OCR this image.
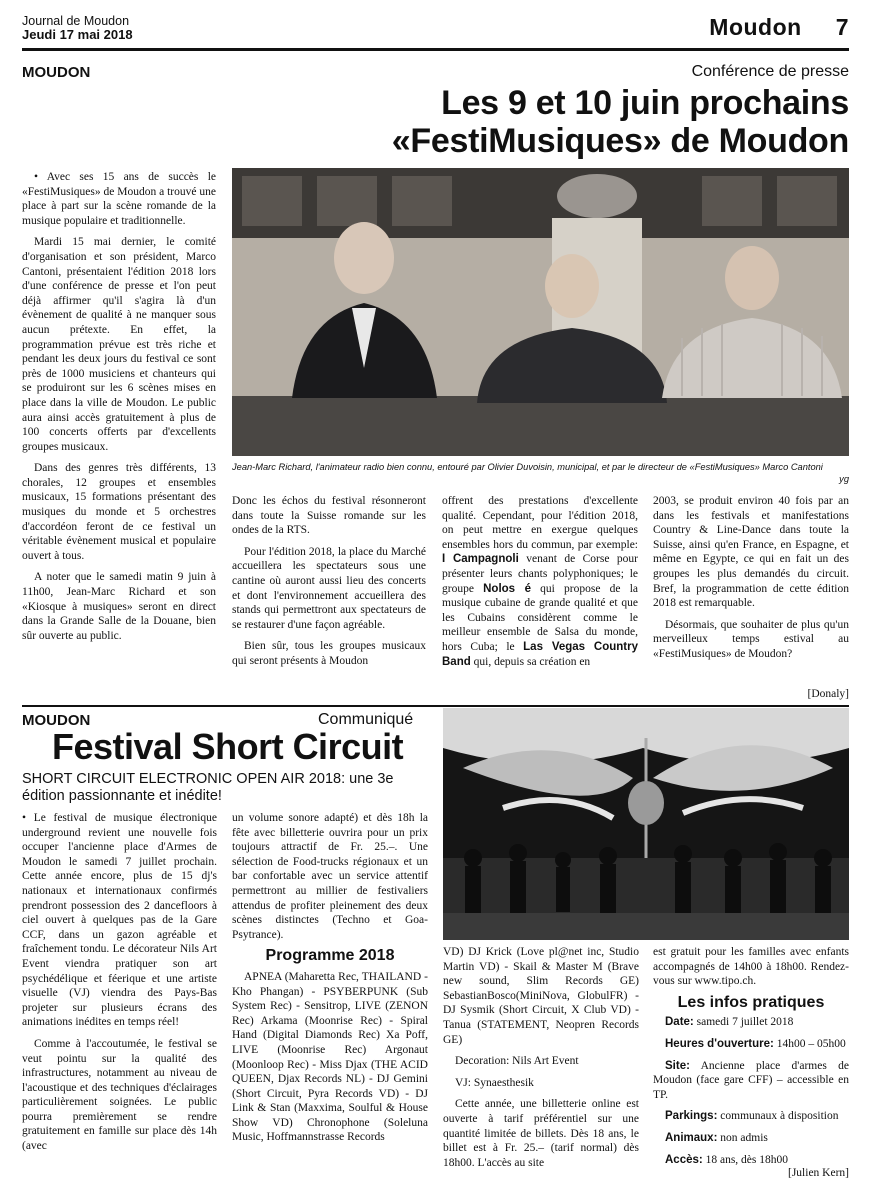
Journal de Moudon
Jeudi 17 mai 2018	Moudon 7
MOUDON	Conférence de presse
Les 9 et 10 juin prochains
«FestiMusiques» de Moudon

• Avec ses 15 ans de succès le «FestiMusiques» de Moudon a trouvé une place à part sur la scène romande de la musique populaire et traditionnelle.

Mardi 15 mai dernier, le comité d'organisation et son président, Marco Cantoni, présentaient l'édition 2018 lors d'une conférence de presse et l'on peut déjà affirmer qu'il s'agira là d'un évènement de qualité à ne manquer sous aucun prétexte. En effet, la programmation prévue est très riche et pendant les deux jours du festival ce sont près de 1000 musiciens et chanteurs qui se produiront sur les 6 scènes mises en place dans la ville de Moudon. Le public aura ainsi accès gratuitement à plus de 100 concerts offerts par d'excellents groupes musicaux.

Dans des genres très différents, 13 chorales, 12 groupes et ensembles musicaux, 15 formations présentant des musiques du monde et 5 orchestres d'accordéon feront de ce festival un véritable évènement musical et populaire ouvert à tous.

A noter que le samedi matin 9 juin à 11h00, Jean-Marc Richard et son «Kiosque à musiques» seront en direct dans la Grande Salle de la Douane, bien sûr ouverte au public.

Jean-Marc Richard, l'animateur radio bien connu, entouré par Olivier Duvoisin, municipal, et par le directeur de «FestiMusiques» Marco Cantoni
yg

Donc les échos du festival résonneront dans toute la Suisse romande sur les ondes de la RTS.

Pour l'édition 2018, la place du Marché accueillera les spectateurs sous une cantine où auront aussi lieu des concerts et dont l'environnement accueillera des stands qui permettront aux spectateurs de se restaurer d'une façon agréable.

Bien sûr, tous les groupes musicaux qui seront présents à Moudon

offrent des prestations d'excellente qualité. Cependant, pour l'édition 2018, on peut mettre en exergue quelques ensembles hors du commun, par exemple: I Campagnoli venant de Corse pour présenter leurs chants polyphoniques; le groupe Nolos é qui propose de la musique cubaine de grande qualité et que les Cubains considèrent comme le meilleur ensemble de Salsa du monde, hors Cuba; le Las Vegas Country Band qui, depuis sa création en

2003, se produit environ 40 fois par an dans les festivals et manifestations Country & Line-Dance dans toute la Suisse, ainsi qu'en France, en Espagne, et même en Egypte, ce qui en fait un des groupes les plus demandés du circuit. Bref, la programmation de cette édition 2018 est remarquable.

Désormais, que souhaiter de plus qu'un merveilleux temps estival au «FestiMusiques» de Moudon?

[Donaly]
MOUDON	Communiqué
Festival Short Circuit
SHORT CIRCUIT ELECTRONIC OPEN AIR 2018: une 3e édition passionnante et inédite!

• Le festival de musique électronique underground revient une nouvelle fois occuper l'ancienne place d'Armes de Moudon le samedi 7 juillet prochain. Cette année encore, plus de 15 dj's nationaux et internationaux confirmés prendront possession des 2 dancefloors à ciel ouvert à quelques pas de la Gare CCF, dans un gazon agréable et fraîchement tondu. Le décorateur Nils Art Event viendra pratiquer son art psychédélique et féerique et une artiste visuelle (VJ) viendra des Pays-Bas projeter sur plusieurs écrans des animations inédites en temps réel!

Comme à l'accoutumée, le festival se veut pointu sur la qualité des infrastructures, notamment au niveau de l'acoustique et des techniques d'éclairages particulièrement soignées. Le public pourra premièrement se rendre gratuitement en famille sur place dès 14h (avec

un volume sonore adapté) et dès 18h la fête avec billetterie ouvrira pour un prix toujours attractif de Fr. 25.–. Une sélection de Food-trucks régionaux et un bar confortable avec un service attentif permettront au millier de festivaliers attendus de profiter pleinement des deux scènes distinctes (Techno et Goa-Psytrance).

Programme 2018

APNEA (Maharetta Rec, THAILAND - Kho Phangan) - PSYBERPUNK (Sub System Rec) - Sensitrop, LIVE (ZENON Rec) Arkama (Moonrise Rec) - Spiral Hand (Digital Diamonds Rec) Xa Poff, LIVE (Moonrise Rec) Argonaut (Moonloop Rec) - Miss Djax (THE ACID QUEEN, Djax Records NL) - DJ Gemini (Short Circuit, Pyra Records VD) - DJ Link & Stan (Maxxima, Soulful & House Show VD) Chronophone (Soleluna Music, Hoffmannstrasse Records

VD) DJ Krick (Love pl@net inc, Studio Martin VD) - Skail & Master M (Brave new sound, Slim Records GE) SebastianBosco(MiniNova, GlobulFR) - DJ Sysmik (Short Circuit, X Club VD) - Tanua (STATEMENT, Neopren Records GE)

Decoration: Nils Art Event

VJ: Synaesthesik

Cette année, une billetterie online est ouverte à tarif préférentiel sur une quantité limitée de billets. Dès 18 ans, le billet est à Fr. 25.– (tarif normal) dès 18h00. L'accès au site

est gratuit pour les familles avec enfants accompagnés de 14h00 à 18h00. Rendez-vous sur www.tipo.ch.

Les infos pratiques

Date: samedi 7 juillet 2018

Heures d'ouverture: 14h00 – 05h00

Site: Ancienne place d'armes de Moudon (face gare CFF) – accessible en TP.

Parkings: communaux à disposition

Animaux: non admis

Accès: 18 ans, dès 18h00

[Julien Kern]
